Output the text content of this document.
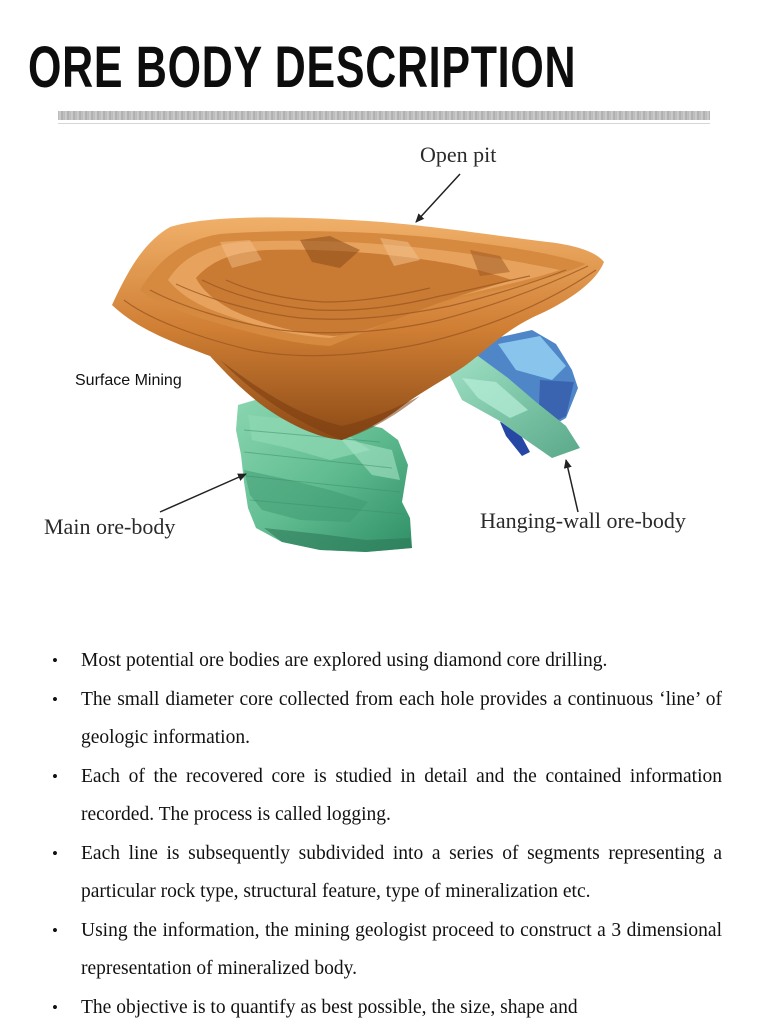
ORE BODY DESCRIPTION

Open pit

Main ore-body	Hanging-wall ore-body

Surface Mining

• Most potential ore bodies are explored using diamond core drilling.
• The small diameter core collected from each hole provides a continuous ‘line’ of geologic information.
• Each of the recovered core is studied in detail and the contained information recorded. The process is called logging.
• Each line is subsequently subdivided into a series of segments representing a particular rock type, structural feature, type of mineralization etc.
• Using the information, the mining geologist proceed to construct a 3 dimensional representation of mineralized body.
• The objective is to quantify as best possible, the size, shape and
